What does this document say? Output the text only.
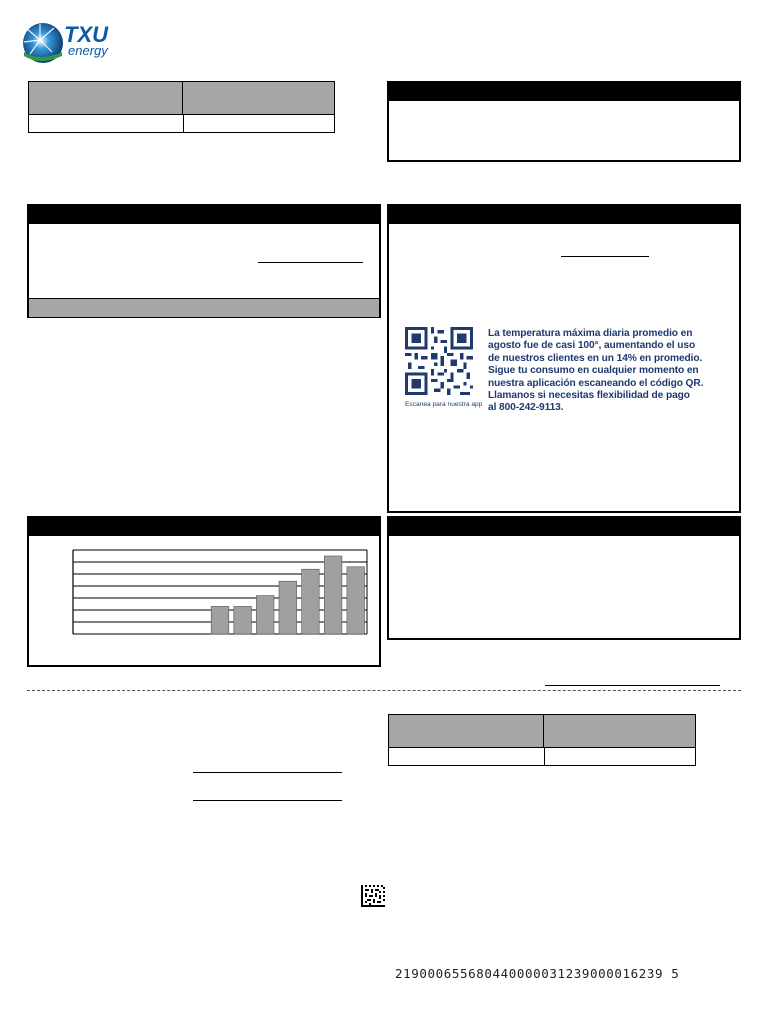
TXU
energy
Escanea para nuestra app
La temperatura máxima diaria promedio en
agosto fue de casi 100°, aumentando el uso
de nuestros clientes en un 14% en promedio.
Sigue tu consumo en cualquier momento en
nuestra aplicación escaneando el código QR.
Llamanos si necesitas flexibilidad de pago
al 800-242-9113.
219000655680440000031239000016239 5
